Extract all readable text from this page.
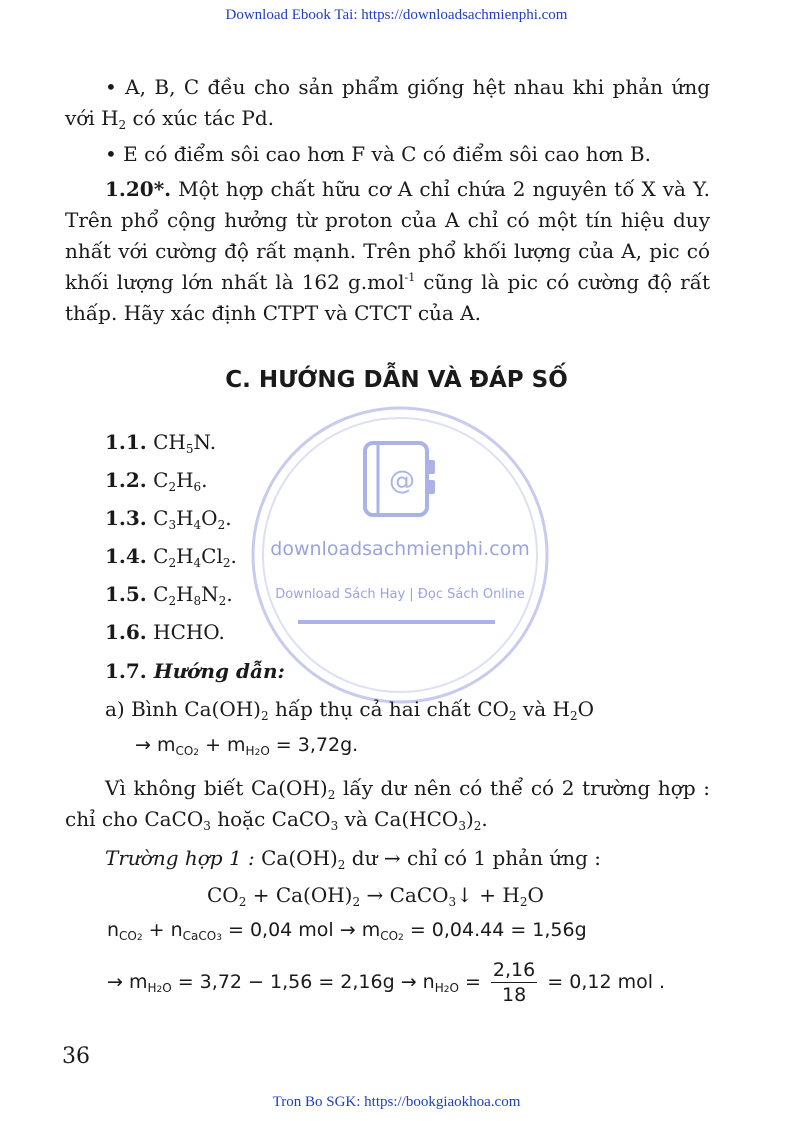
Download Ebook Tai: https://downloadsachmienphi.com
@
downloadsachmienphi.com
Download Sách Hay | Đọc Sách Online
• A, B, C đều cho sản phẩm giống hệt nhau khi phản ứng
với $H_2$ có xúc tác Pd.
• E có điểm sôi cao hơn F và C có điểm sôi cao hơn B.
1.20*. Một hợp chất hữu cơ A chỉ chứa 2 nguyên tố X và Y. Trên phổ cộng hưởng từ proton của A chỉ có một tín hiệu duy nhất với cường độ rất mạnh. Trên phổ khối lượng của A, pic có khối lượng lớn nhất là 162 g.mol$^{-1}$ cũng là pic có cường độ rất thấp. Hãy xác định CTPT và CTCT của A.
C. HƯỚNG DẪN VÀ ĐÁP SỐ
1.1. $CH_5N$.
1.2. $C_2H_6$.
1.3. $C_3H_4O_2$.
1.4. $C_2H_4Cl_2$.
1.5. $C_2H_8N_2$.
1.6. HCHO.
1.7. Hướng dẫn:
a) Bình $Ca(OH)_2$ hấp thụ cả hai chất $CO_2$ và $H_2O$
→ $m_{CO2} + m_{H2O} = 3,72g$.
Vì không biết $Ca(OH)_2$ lấy dư nên có thể có 2 trường hợp : chỉ cho CaCO$_3$ hoặc CaCO$_3$ và $Ca(HCO_3)_2$.
Trường hợp 1 : $Ca(OH)_2$ dư → chỉ có 1 phản ứng :
$CO_2 + Ca(OH)_2$ → CaCO$_3$↓ + $H_2O$
$n_{CO2} + n_{CaCO3} = 0,04$ mol → $m_{CO2} = 0,04.44 = 1,56g$
→ $m_{H2O} = 3,72 - 1,56 = 2,16g \to n_{H2O} = \frac{2,16}{18} = 0,12$ mol .
36
Tron Bo SGK: https://bookgiaokhoa.com
